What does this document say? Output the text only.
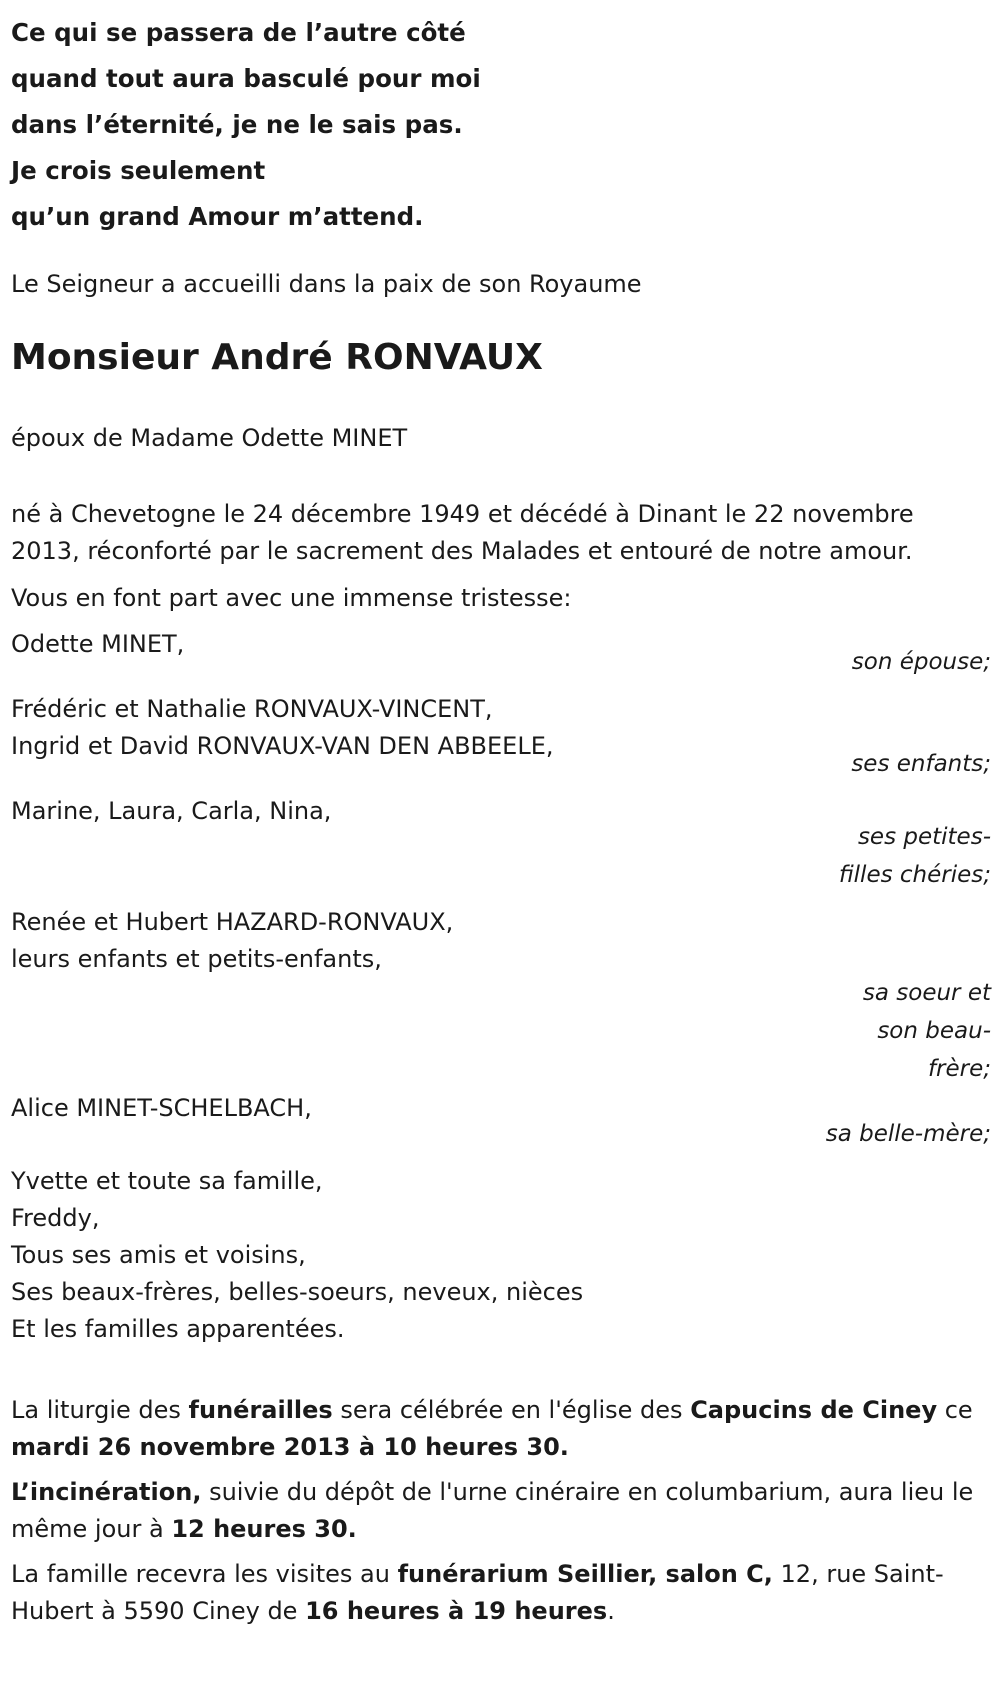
Ce qui se passera de l’autre côté

quand tout aura basculé pour moi

dans l’éternité, je ne le sais pas.

Je crois seulement

qu’un grand Amour m’attend.

Le Seigneur a accueilli dans la paix de son Royaume
Monsieur André RONVAUX
époux de Madame Odette MINET
né à Chevetogne le 24 décembre 1949 et décédé à Dinant le 22 novembre 2013, réconforté par le sacrement des Malades et entouré de notre amour.
Vous en font part avec une immense tristesse:
Odette MINET,
son épouse;
Frédéric et Nathalie RONVAUX-VINCENT,
Ingrid et David RONVAUX-VAN DEN ABBEELE,
ses enfants;
Marine, Laura, Carla, Nina,
ses petites-filles chéries;
Renée et Hubert HAZARD-RONVAUX,
leurs enfants et petits-enfants,
sa soeur et son beau-frère;
Alice MINET-SCHELBACH,
sa belle-mère;
Yvette et toute sa famille,
Freddy,
Tous ses amis et voisins,
Ses beaux-frères, belles-soeurs, neveux, nièces
Et les familles apparentées.
La liturgie des funérailles sera célébrée en l'église des Capucins de Ciney ce mardi 26 novembre 2013 à 10 heures 30.
L’incinération, suivie du dépôt de l'urne cinéraire en columbarium, aura lieu le même jour à 12 heures 30.
La famille recevra les visites au funérarium Seillier, salon C, 12, rue Saint-Hubert à 5590 Ciney de 16 heures à 19 heures.
